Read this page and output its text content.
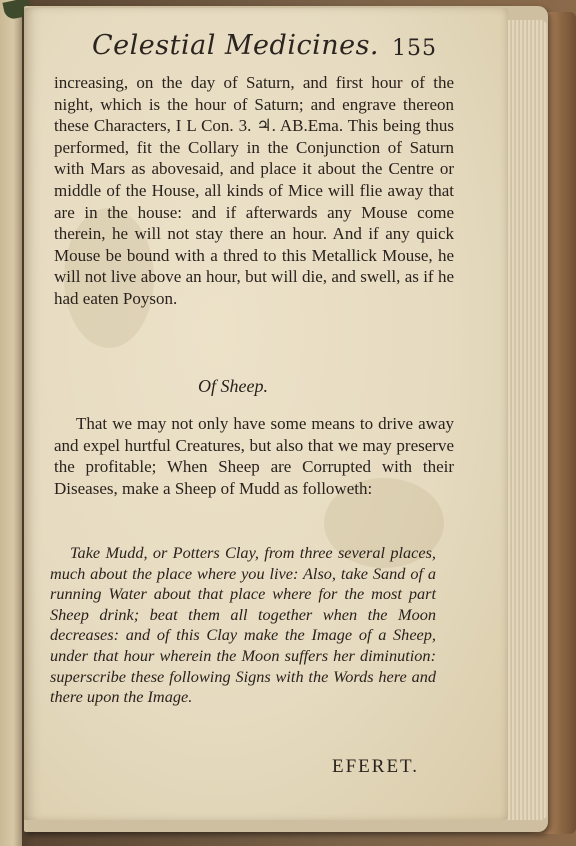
Celestial Medicines. 155

increasing, on the day of Saturn, and first hour of the night, which is the hour of Saturn; and engrave thereon these Characters, I L Con. 3. ♃. AB.Ema. This being thus performed, fit the Collary in the Conjunction of Saturn with Mars as abovesaid, and place it about the Centre or middle of the House, all kinds of Mice will flie away that are in the house: and if afterwards any Mouse come therein, he will not stay there an hour. And if any quick Mouse be bound with a thred to this Metallick Mouse, he will not live above an hour, but will die, and swell, as if he had eaten Poyson.

Of Sheep.

That we may not only have some means to drive away and expel hurtful Creatures, but also that we may preserve the profitable; When Sheep are Corrupted with their Diseases, make a Sheep of Mudd as followeth:

Take Mudd, or Potters Clay, from three several places, much about the place where you live: Also, take Sand of a running Water about that place where for the most part Sheep drink; beat them all together when the Moon decreases: and of this Clay make the Image of a Sheep, under that hour wherein the Moon suffers her diminution: superscribe these following Signs with the Words here and there upon the Image.

EFERET.
